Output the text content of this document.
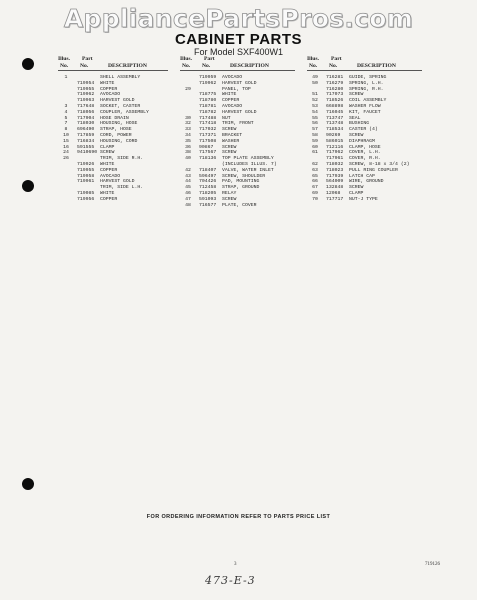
AppliancePartsPros.com
CABINET PARTS
For Model SXF400W1
Illus.
No.
Part
No.	DESCRIPTION
1	SHELL ASSEMBLY
719954 WHITE
719955 COPPER
719962 AVOCADO
719963 HARVEST GOLD
3	717648 SOCKET, CASTER
4	718056 COUPLER, ASSEMBLY
5	717904 HOSE DRAIN
7	718030 HOUSING, HOSE
8	696490 STRAP, HOSE
10	717859 CORD, POWER
15	716834 HOUSING, CORD
16	591555 CLAMP
24	9410690 SCREW
26	TRIM, SIDE R.H.
719926 WHITE
719955 COPPER
719958 AVOCADO
719961 HARVEST GOLD
TRIM, SIDE L.H.
719085 WHITE
719956 COPPER
Illus.
No.
Part
No.	DESCRIPTION
719959 AVOCADO
719962 HARVEST GOLD
29	PANEL, TOP
718775 WHITE
718780 COPPER
718781 AVOCADO
718782 HARVEST GOLD
30	717488 NUT
32	717418 TRIM, FRONT
33	717032 SCREW
34	717371 BRACKET
35	717508 WASHER
36	90867 SCREW
38	717567 SCREW
40	718136 TOP PLATE ASSEMBLY
(INCLUDES ILLUS. 7)
42	718407 VALVE, WATER INLET
43	596497 SCREW, SHOULDER
44	704426 PAD, MOUNTING
45	712458 STRAP, GROUND
46	718205 RELAY
47	591093 SCREW
48	716577 PLATE, COVER
Illus.
No.
Part
No.	DESCRIPTION
49	716281 GUIDE, SPRING
50	716279 SPRING, L.H.
716280 SPRING, R.H.
51	717073 SCREW
52	718526 COIL ASSEMBLY
53	668898 WASHER FLOW
54	716045 KIT, FAUCET
55	713747 SEAL
56	713748 BUSHING
57	718534 CASTER (4)
58	90269 SCREW
59	586015 DIAPHRAGM
60	712116 CLAMP, HOSE
61	717962 COVER, L.H.
717961 COVER, R.H.
62	718032 SCREW, 8-18 x 3/4 (2)
63	718023 PULL RING COUPLER
65	717939 LATCH CAP
66	564009 WIRE, GROUND
67	132848 SCREW
69	12068 CLAMP
70	717717 NUT-J TYPE
FOR ORDERING INFORMATION REFER TO PARTS PRICE LIST
3	719126
473-E-3
